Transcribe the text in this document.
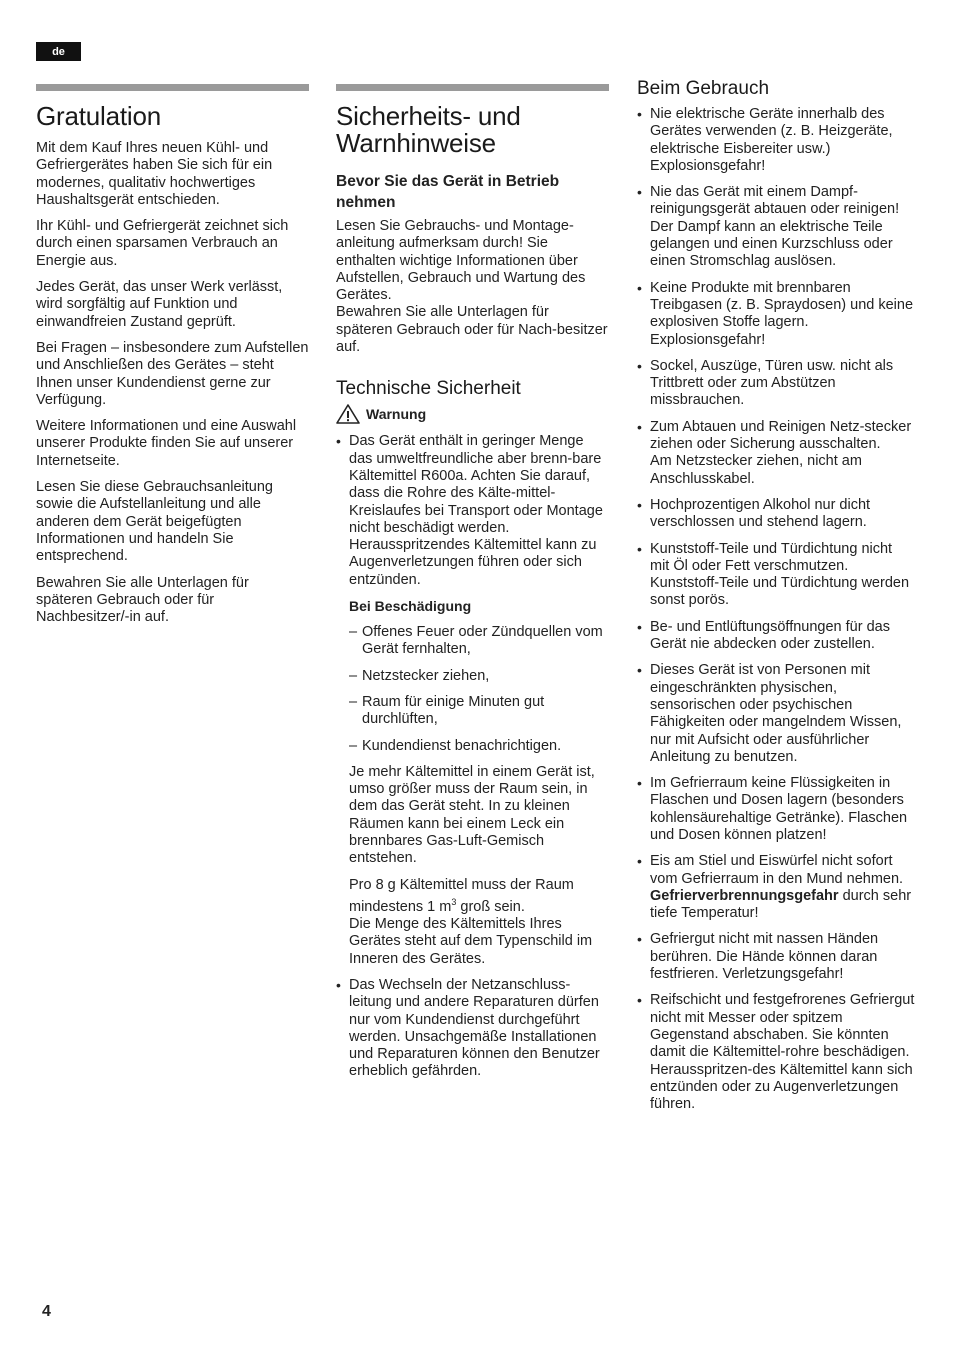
de
Gratulation

Mit dem Kauf Ihres neuen Kühl- und Gefriergerätes haben Sie sich für ein modernes, qualitativ hochwertiges Haushaltsgerät entschieden.

Ihr Kühl- und Gefriergerät zeichnet sich durch einen sparsamen Verbrauch an Energie aus.

Jedes Gerät, das unser Werk verlässt, wird sorgfältig auf Funktion und einwandfreien Zustand geprüft.

Bei Fragen – insbesondere zum Aufstellen und Anschließen des Gerätes – steht Ihnen unser Kundendienst gerne zur Verfügung.

Weitere Informationen und eine Auswahl unserer Produkte finden Sie auf unserer Internetseite.

Lesen Sie diese Gebrauchsanleitung sowie die Aufstellanleitung und alle anderen dem Gerät beigefügten Informationen und handeln Sie entsprechend.

Bewahren Sie alle Unterlagen für späteren Gebrauch oder für Nachbesitzer/-in auf.

Sicherheits- und Warnhinweise
Bevor Sie das Gerät in Betrieb nehmen

Lesen Sie Gebrauchs- und Montage-anleitung aufmerksam durch! Sie enthalten wichtige Informationen über Aufstellen, Gebrauch und Wartung des Gerätes.
Bewahren Sie alle Unterlagen für späteren Gebrauch oder für Nach-besitzer auf.

Technische Sicherheit
Warnung
• Das Gerät enthält in geringer Menge das umweltfreundliche aber brenn-bare Kältemittel R600a. Achten Sie darauf, dass die Rohre des Kälte-mittel-Kreislaufes bei Transport oder Montage nicht beschädigt werden. Herausspritzendes Kältemittel kann zu Augenverletzungen führen oder sich entzünden.

Bei Beschädigung
– Offenes Feuer oder Zündquellen vom Gerät fernhalten,
– Netzstecker ziehen,
– Raum für einige Minuten gut durchlüften,
– Kundendienst benachrichtigen.

Je mehr Kältemittel in einem Gerät ist, umso größer muss der Raum sein, in dem das Gerät steht. In zu kleinen Räumen kann bei einem Leck ein brennbares Gas-Luft-Gemisch entstehen.

Pro 8 g Kältemittel muss der Raum mindestens 1 $m^3$ groß sein.
Die Menge des Kältemittels Ihres Gerätes steht auf dem Typenschild im Inneren des Gerätes.

• Das Wechseln der Netzanschluss-leitung und andere Reparaturen dürfen nur vom Kundendienst durchgeführt werden. Unsachgemäße Installationen und Reparaturen können den Benutzer erheblich gefährden.

Beim Gebrauch
• Nie elektrische Geräte innerhalb des Gerätes verwenden (z. B. Heizgeräte, elektrische Eisbereiter usw.) Explosionsgefahr!

• Nie das Gerät mit einem Dampf-reinigungsgerät abtauen oder reinigen! Der Dampf kann an elektrische Teile gelangen und einen Kurzschluss oder einen Stromschlag auslösen.

• Keine Produkte mit brennbaren Treibgasen (z. B. Spraydosen) und keine explosiven Stoffe lagern. Explosionsgefahr!

• Sockel, Auszüge, Türen usw. nicht als Trittbrett oder zum Abstützen missbrauchen.

• Zum Abtauen und Reinigen Netz-stecker ziehen oder Sicherung ausschalten.
Am Netzstecker ziehen, nicht am Anschlusskabel.

• Hochprozentigen Alkohol nur dicht verschlossen und stehend lagern.

• Kunststoff-Teile und Türdichtung nicht mit Öl oder Fett verschmutzen. Kunststoff-Teile und Türdichtung werden sonst porös.

• Be- und Entlüftungsöffnungen für das Gerät nie abdecken oder zustellen.

• Dieses Gerät ist von Personen mit eingeschränkten physischen, sensorischen oder psychischen Fähigkeiten oder mangelndem Wissen, nur mit Aufsicht oder ausführlicher Anleitung zu benutzen.

• Im Gefrierraum keine Flüssigkeiten in Flaschen und Dosen lagern (besonders kohlensäurehaltige Getränke). Flaschen und Dosen können platzen!

• Eis am Stiel und Eiswürfel nicht sofort vom Gefrierraum in den Mund nehmen.
Gefrierverbrennungsgefahr durch sehr tiefe Temperatur!

• Gefriergut nicht mit nassen Händen berühren. Die Hände können daran festfrieren. Verletzungsgefahr!

• Reifschicht und festgefrorenes Gefriergut nicht mit Messer oder spitzem Gegenstand abschaben. Sie könnten damit die Kältemittel-rohre beschädigen. Herausspritzen-des Kältemittel kann sich entzünden oder zu Augenverletzungen führen.

4
